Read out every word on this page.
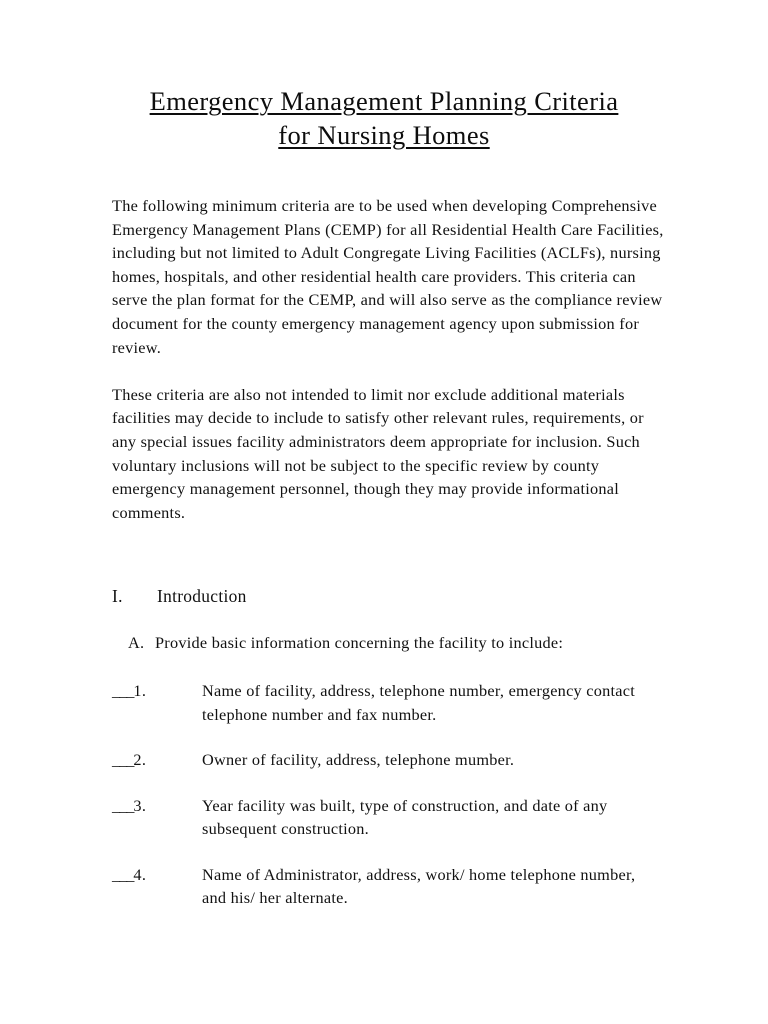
Emergency Management Planning Criteria
for Nursing Homes

The following minimum criteria are to be used when developing Comprehensive Emergency Management Plans (CEMP) for all Residential Health Care Facilities, including but not limited to Adult Congregate Living Facilities (ACLFs), nursing homes, hospitals, and other residential health care providers. This criteria can serve the plan format for the CEMP, and will also serve as the compliance review document for the county emergency management agency upon submission for review.

These criteria are also not intended to limit nor exclude additional materials facilities may decide to include to satisfy other relevant rules, requirements, or any special issues facility administrators deem appropriate for inclusion. Such voluntary inclusions will not be subject to the specific review by county emergency management personnel, though they may provide informational comments.

I.	Introduction
A. Provide basic information concerning the facility to include:
___1.	Name of facility, address, telephone number, emergency contact telephone number and fax number.
___2.	Owner of facility, address, telephone mumber.
___3.	Year facility was built, type of construction, and date of any subsequent construction.
___4.	Name of Administrator, address, work/ home telephone number, and his/ her alternate.
